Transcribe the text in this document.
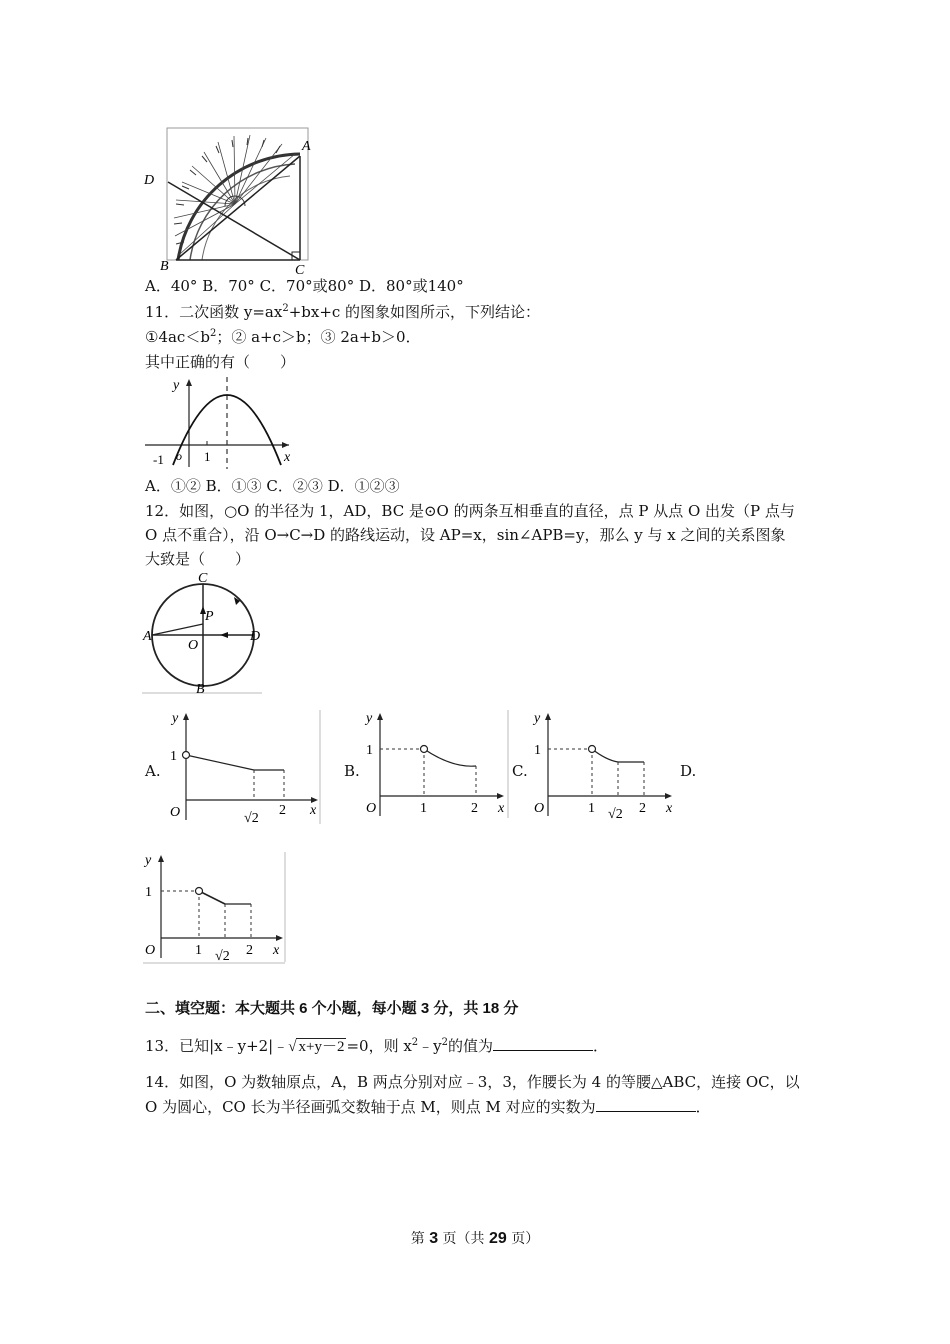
A
D
B	C
A．40° B．70° C．70°或80° D．80°或140°
11．二次函数 $y=ax^2+bx+c$ 的图象如图所示，下列结论：
$①4ac<b^2$；② a+c＞b；③ 2a+b＞0．
其中正确的有（　　）
y
x
-1 o 1
A．①② B．①③ C．②③ D．①②③
12．如图，○O 的半径为 1，AD，BC 是⊙O 的两条互相垂直的直径，点 P 从点 O 出发（P 点与
O 点不重合），沿 O→C→D 的路线运动，设 AP=x，sin∠APB=y，那么 y 与 x 之间的关系图象
大致是（　　）
C
P
A
O
D
B
A.
y
1
O	√2
2 x
B.
y
1
O	1	2 x
C.
y
1
O	1 √2 2 x
D.
y
1
O	1 √2 2 x
二、填空题：本大题共 6 个小题，每小题 3 分，共 18 分
13．已知|x﹣y+2|﹣√ x+y－2 =0，则 $x^2﹣y^2$的值为	．
14．如图，O 为数轴原点，A，B 两点分别对应﹣3，3，作腰长为 4 的等腰△ABC，连接 OC，以
O 为圆心，CO 长为半径画弧交数轴于点 M，则点 M 对应的实数为	．
第 3 页（共 29 页）
